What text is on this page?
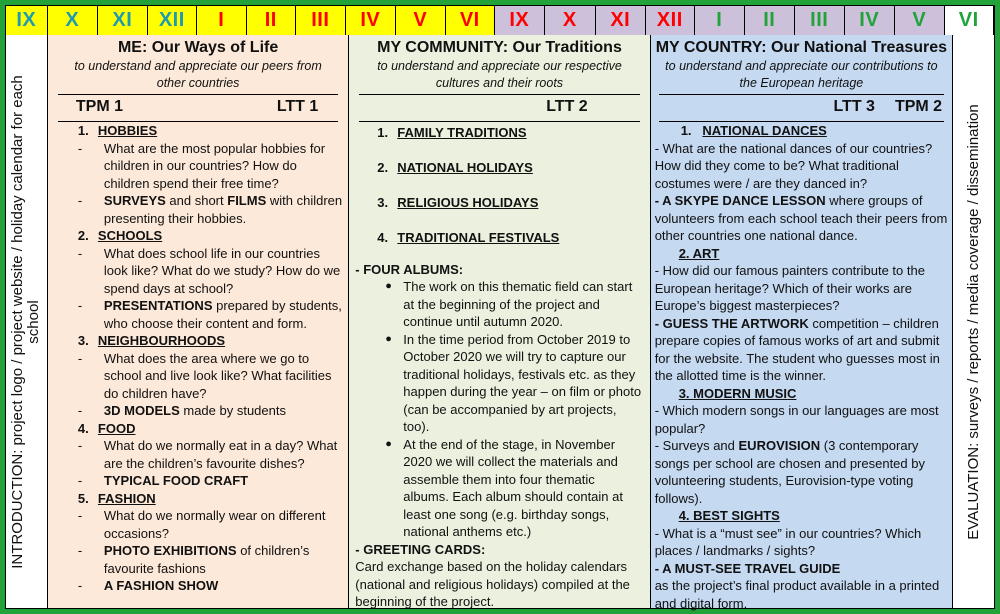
IX	X	XI	XII	I	II	III	IV	V	VI	IX	X	XI	XII	I	II	III	IV	V	VI
INTRODUCTION: project logo / project website / holiday calendar for each school
ME: Our Ways of Life
to understand and appreciate our peers from other countries
TPM 1	LTT 1
1. HOBBIES
-	What are the most popular hobbies for children in our countries? How do children spend their free time?
-	SURVEYS and short FILMS with children presenting their hobbies.
2. SCHOOLS
-	What does school life in our countries look like? What do we study? How do we spend days at school?
-	PRESENTATIONS prepared by students, who choose their content and form.
3. NEIGHBOURHOODS
-	What does the area where we go to school and live look like? What facilities do children have?
-	3D MODELS made by students
4. FOOD
-	What do we normally eat in a day? What are the children’s favourite dishes?
-	TYPICAL FOOD CRAFT
5. FASHION
-	What do we normally wear on different occasions?
-	PHOTO EXHIBITIONS of children’s favourite fashions
-	A FASHION SHOW
MY COMMUNITY: Our Traditions
to understand and appreciate our respective cultures and their roots
LTT 2
1. FAMILY TRADITIONS
2. NATIONAL HOLIDAYS
3. RELIGIOUS HOLIDAYS
4. TRADITIONAL FESTIVALS
- FOUR ALBUMS:
● The work on this thematic field can start at the beginning of the project and continue until autumn 2020.
● In the time period from October 2019 to October 2020 we will try to capture our traditional holidays, festivals etc. as they happen during the year – on film or photo (can be accompanied by art projects, too).
● At the end of the stage, in November 2020 we will collect the materials and assemble them into four thematic albums. Each album should contain at least one song (e.g. birthday songs, national anthems etc.)
- GREETING CARDS:
Card exchange based on the holiday calendars (national and religious holidays) compiled at the beginning of the project.
MY COUNTRY: Our National Treasures
to understand and appreciate our contributions to the European heritage
LTT 3 TPM 2
1.   NATIONAL DANCES
- What are the national dances of our countries? How did they come to be? What traditional costumes were / are they danced in?
- A SKYPE DANCE LESSON where groups of volunteers from each school teach their peers from other countries one national dance.
2. ART
- How did our famous painters contribute to the European heritage? Which of their works are Europe’s biggest masterpieces?
- GUESS THE ARTWORK competition – children prepare copies of famous works of art and submit for the website. The student who guesses most in the allotted time is the winner.
3. MODERN MUSIC
- Which modern songs in our languages are most popular?
- Surveys and EUROVISION (3 contemporary songs per school are chosen and presented by volunteering students, Eurovision-type voting follows).
4. BEST SIGHTS
- What is a “must see” in our countries? Which places / landmarks / sights?
- A MUST-SEE TRAVEL GUIDE
as the project’s final product available in a printed and digital form.
EVALUATION: surveys / reports / media coverage / dissemination
